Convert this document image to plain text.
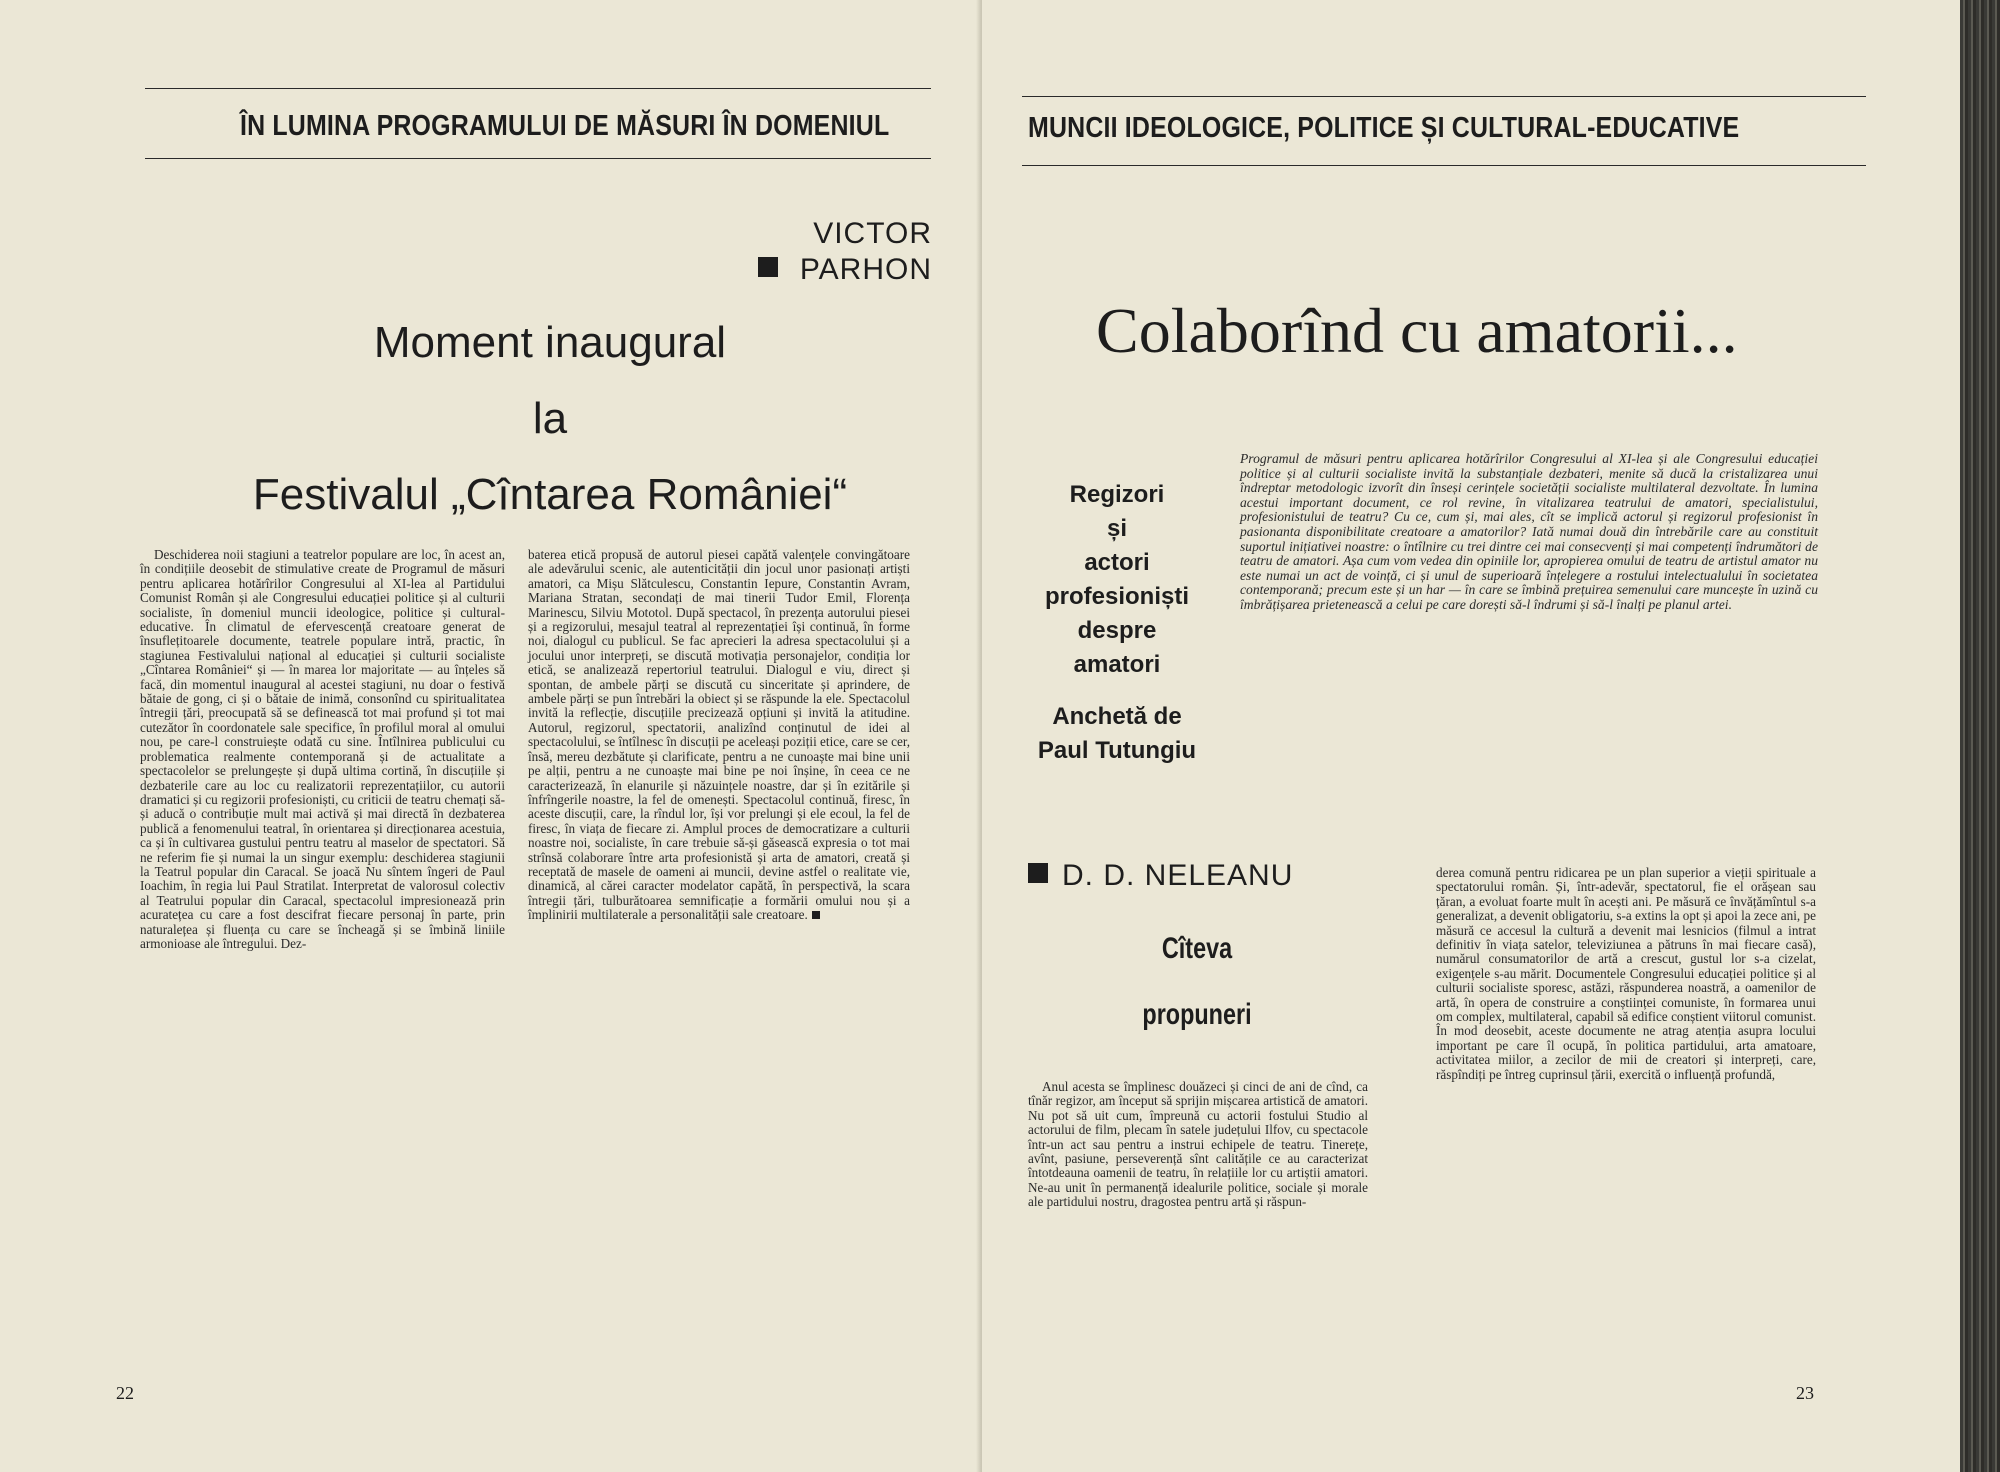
ÎN LUMINA PROGRAMULUI DE MĂSURI ÎN DOMENIUL
VICTOR PARHON
Moment inaugural
la
Festivalul „Cîntarea României“

Deschiderea noii stagiuni a teatrelor populare are loc, în acest an, în condițiile deosebit de stimulative create de Programul de măsuri pentru aplicarea hotărîrilor Congresului al XI-lea al Partidului Comunist Român și ale Congresului educației politice și al culturii socialiste, în domeniul muncii ideologice, politice și cultural-educative. În climatul de efervescență creatoare generat de însuflețitoarele documente, teatrele populare intră, practic, în stagiunea Festivalului național al educației și culturii socialiste „Cîntarea României“ și — în marea lor majoritate — au înțeles să facă, din momentul inaugural al acestei stagiuni, nu doar o festivă bătaie de gong, ci și o bătaie de inimă, consonînd cu spiritualitatea întregii țări, preocupată să se definească tot mai profund și tot mai cutezător în coordonatele sale specifice, în profilul moral al omului nou, pe care-l construiește odată cu sine. Întîlnirea publicului cu problematica realmente contemporană și de actualitate a spectacolelor se prelungește și după ultima cortină, în discuțiile și dezbaterile care au loc cu realizatorii reprezentațiilor, cu autorii dramatici și cu regizorii profesioniști, cu criticii de teatru chemați să-și aducă o contribuție mult mai activă și mai directă în dezbaterea publică a fenomenului teatral, în orientarea și direcționarea acestuia, ca și în cultivarea gustului pentru teatru al maselor de spectatori. Să ne referim fie și numai la un singur exemplu: deschiderea stagiunii la Teatrul popular din Caracal. Se joacă Nu sîntem îngeri de Paul Ioachim, în regia lui Paul Stratilat. Interpretat de valorosul colectiv al Teatrului popular din Caracal, spectacolul impresionează prin acuratețea cu care a fost descifrat fiecare personaj în parte, prin naturalețea și fluența cu care se încheagă și se îmbină liniile armonioase ale întregului. Dez-

baterea etică propusă de autorul piesei capătă valențele convingătoare ale adevărului scenic, ale autenticității din jocul unor pasionați artiști amatori, ca Mișu Slătculescu, Constantin Iepure, Constantin Avram, Mariana Stratan, secondați de mai tinerii Tudor Emil, Florența Marinescu, Silviu Mototol. După spectacol, în prezența autorului piesei și a regizorului, mesajul teatral al reprezentației își continuă, în forme noi, dialogul cu publicul. Se fac aprecieri la adresa spectacolului și a jocului unor interpreți, se discută motivația personajelor, condiția lor etică, se analizează repertoriul teatrului. Dialogul e viu, direct și spontan, de ambele părți se discută cu sinceritate și aprindere, de ambele părți se pun întrebări la obiect și se răspunde la ele. Spectacolul invită la reflecție, discuțiile precizează opțiuni și invită la atitudine. Autorul, regizorul, spectatorii, analizînd conținutul de idei al spectacolului, se întîlnesc în discuții pe aceleași poziții etice, care se cer, însă, mereu dezbătute și clarificate, pentru a ne cunoaște mai bine unii pe alții, pentru a ne cunoaște mai bine pe noi înșine, în ceea ce ne caracterizează, în elanurile și năzuințele noastre, dar și în ezitările și înfrîngerile noastre, la fel de omenești. Spectacolul continuă, firesc, în aceste discuții, care, la rîndul lor, își vor prelungi și ele ecoul, la fel de firesc, în viața de fiecare zi. Amplul proces de democratizare a culturii noastre noi, socialiste, în care trebuie să-și găsească expresia o tot mai strînsă colaborare între arta profesionistă și arta de amatori, creată și receptată de masele de oameni ai muncii, devine astfel o realitate vie, dinamică, al cărei caracter modelator capătă, în perspectivă, la scara întregii țări, tulburătoarea semnificație a formării omului nou și a împlinirii multilaterale a personalității sale creatoare.

22
MUNCII IDEOLOGICE, POLITICE ȘI CULTURAL-EDUCATIVE
Colaborînd cu amatorii...
Regizori
și
actori
profesioniști
despre
amatori
Anchetă de
Paul Tutungiu
Programul de măsuri pentru aplicarea hotărîrilor Congresului al XI-lea și ale Congresului educației politice și al culturii socialiste invită la substanțiale dezbateri, menite să ducă la cristalizarea unui îndreptar metodologic izvorît din înseși cerințele societății socialiste multilateral dezvoltate. În lumina acestui important document, ce rol revine, în vitalizarea teatrului de amatori, specialistului, profesionistului de teatru? Cu ce, cum și, mai ales, cît se implică actorul și regizorul profesionist în pasionanta disponibilitate creatoare a amatorilor? Iată numai două din întrebările care au constituit suportul inițiativei noastre: o întîlnire cu trei dintre cei mai consecvenți și mai competenți îndrumători de teatru de amatori. Așa cum vom vedea din opiniile lor, apropierea omului de teatru de artistul amator nu este numai un act de voință, ci și unul de superioară înțelegere a rostului intelectualului în societatea contemporană; precum este și un har — în care se îmbină prețuirea semenului care muncește în uzină cu îmbrățișarea prietenească a celui pe care dorești să-l îndrumi și să-l înalți pe planul artei.
D. D. NELEANU
Cîteva
propuneri

Anul acesta se împlinesc douăzeci și cinci de ani de cînd, ca tînăr regizor, am început să sprijin mișcarea artistică de amatori. Nu pot să uit cum, împreună cu actorii fostului Studio al actorului de film, plecam în satele județului Ilfov, cu spectacole într-un act sau pentru a instrui echipele de teatru. Tinerețe, avînt, pasiune, perseverență sînt calitățile ce au caracterizat întotdeauna oamenii de teatru, în relațiile lor cu artiștii amatori. Ne-au unit în permanență idealurile politice, sociale și morale ale partidului nostru, dragostea pentru artă și răspun-

derea comună pentru ridicarea pe un plan superior a vieții spirituale a spectatorului român. Și, într-adevăr, spectatorul, fie el orășean sau țăran, a evoluat foarte mult în acești ani. Pe măsură ce învățămîntul s-a generalizat, a devenit obligatoriu, s-a extins la opt și apoi la zece ani, pe măsură ce accesul la cultură a devenit mai lesnicios (filmul a intrat definitiv în viața satelor, televiziunea a pătruns în mai fiecare casă), numărul consumatorilor de artă a crescut, gustul lor s-a cizelat, exigențele s-au mărit. Documentele Congresului educației politice și al culturii socialiste sporesc, astăzi, răspunderea noastră, a oamenilor de artă, în opera de construire a conștiinței comuniste, în formarea unui om complex, multilateral, capabil să edifice conștient viitorul comunist. În mod deosebit, aceste documente ne atrag atenția asupra locului important pe care îl ocupă, în politica partidului, arta amatoare, activitatea miilor, a zecilor de mii de creatori și interpreți, care, răspîndiți pe întreg cuprinsul țării, exercită o influență profundă,

23
